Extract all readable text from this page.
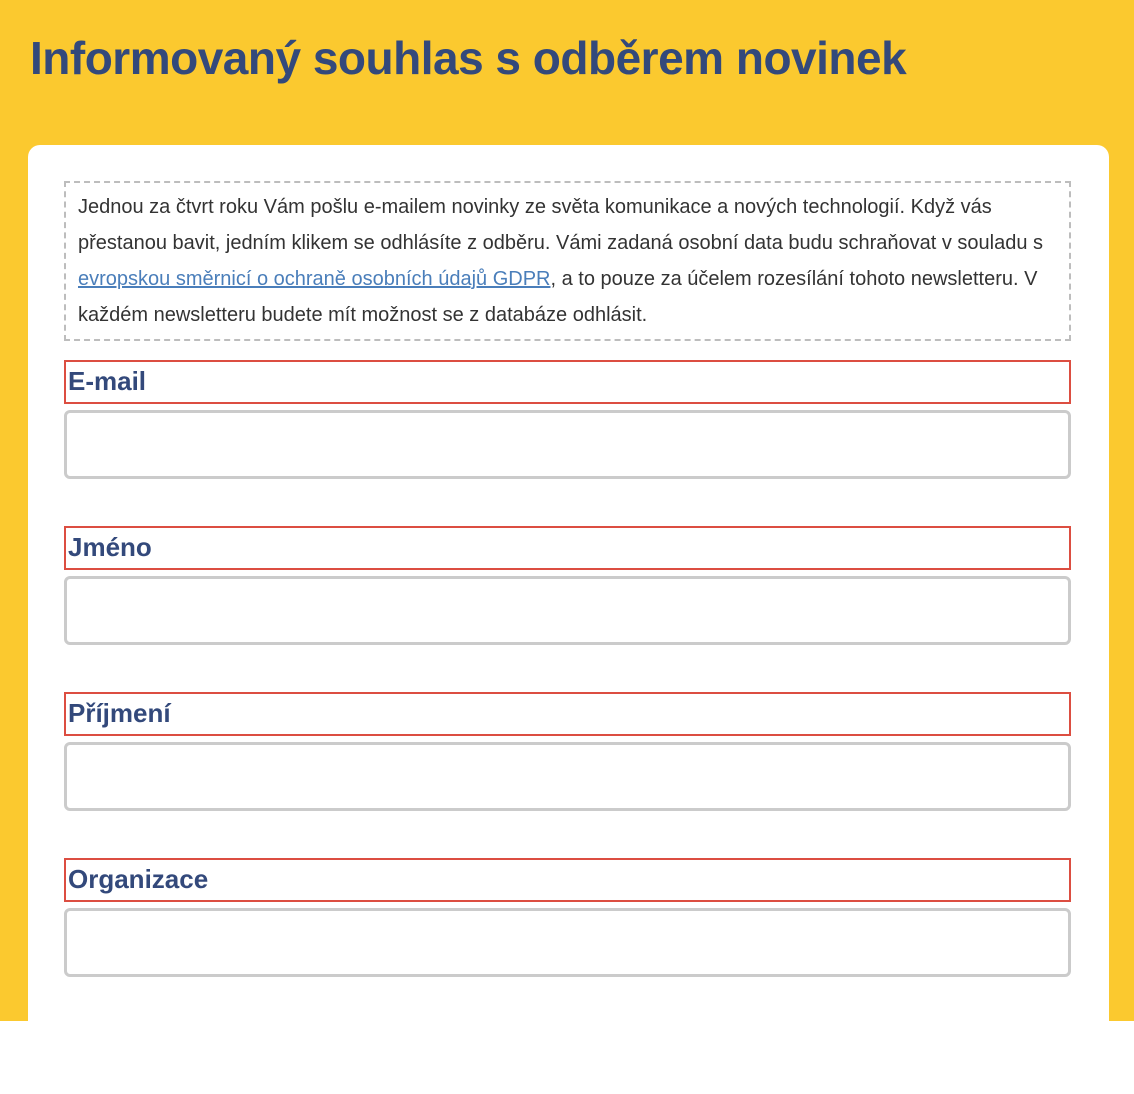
Informovaný souhlas s odběrem novinek
Jednou za čtvrt roku Vám pošlu e-mailem novinky ze světa komunikace a nových technologií. Když vás přestanou bavit, jedním klikem se odhlásíte z odběru. Vámi zadaná osobní data budu schraňovat v souladu s evropskou směrnicí o ochraně osobních údajů GDPR, a to pouze za účelem rozesílání tohoto newsletteru. V každém newsletteru budete mít možnost se z databáze odhlásit.
E-mail
Jméno
Příjmení
Organizace
